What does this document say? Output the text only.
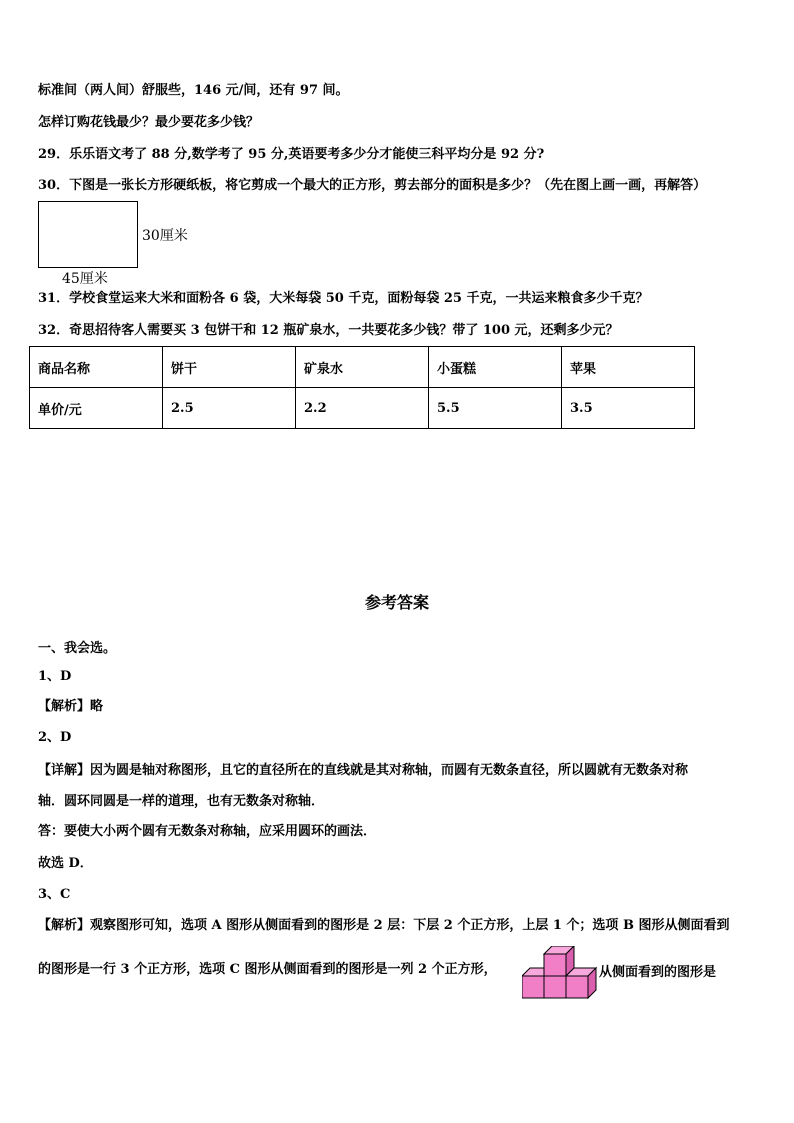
标准间（两人间）舒服些，146 元/间，还有 97 间。

怎样订购花钱最少？最少要花多少钱？

29．乐乐语文考了 88 分,数学考了 95 分,英语要考多少分才能使三科平均分是 92 分?

30．下图是一张长方形硬纸板，将它剪成一个最大的正方形，剪去部分的面积是多少？（先在图上画一画，再解答）

30厘米
45厘米

31．学校食堂运来大米和面粉各 6 袋，大米每袋 50 千克，面粉每袋 25 千克，一共运来粮食多少千克？

32．奇思招待客人需要买 3 包饼干和 12 瓶矿泉水，一共要花多少钱？带了 100 元，还剩多少元？

商品名称	饼干	矿泉水	小蛋糕	苹果
单价/元	2.5	2.2	5.5	3.5
参考答案

一、我会选。

1、D

【解析】略

2、D

【详解】因为圆是轴对称图形，且它的直径所在的直线就是其对称轴，而圆有无数条直径，所以圆就有无数条对称

轴．圆环同圆是一样的道理，也有无数条对称轴．

答：要使大小两个圆有无数条对称轴，应采用圆环的画法．

故选 D．

3、C

【解析】观察图形可知，选项 A 图形从侧面看到的图形是 2 层：下层 2 个正方形，上层 1 个；选项 B 图形从侧面看到

的图形是一行 3 个正方形，选项 C 图形从侧面看到的图形是一列 2 个正方形，	从侧面看到的图形是
